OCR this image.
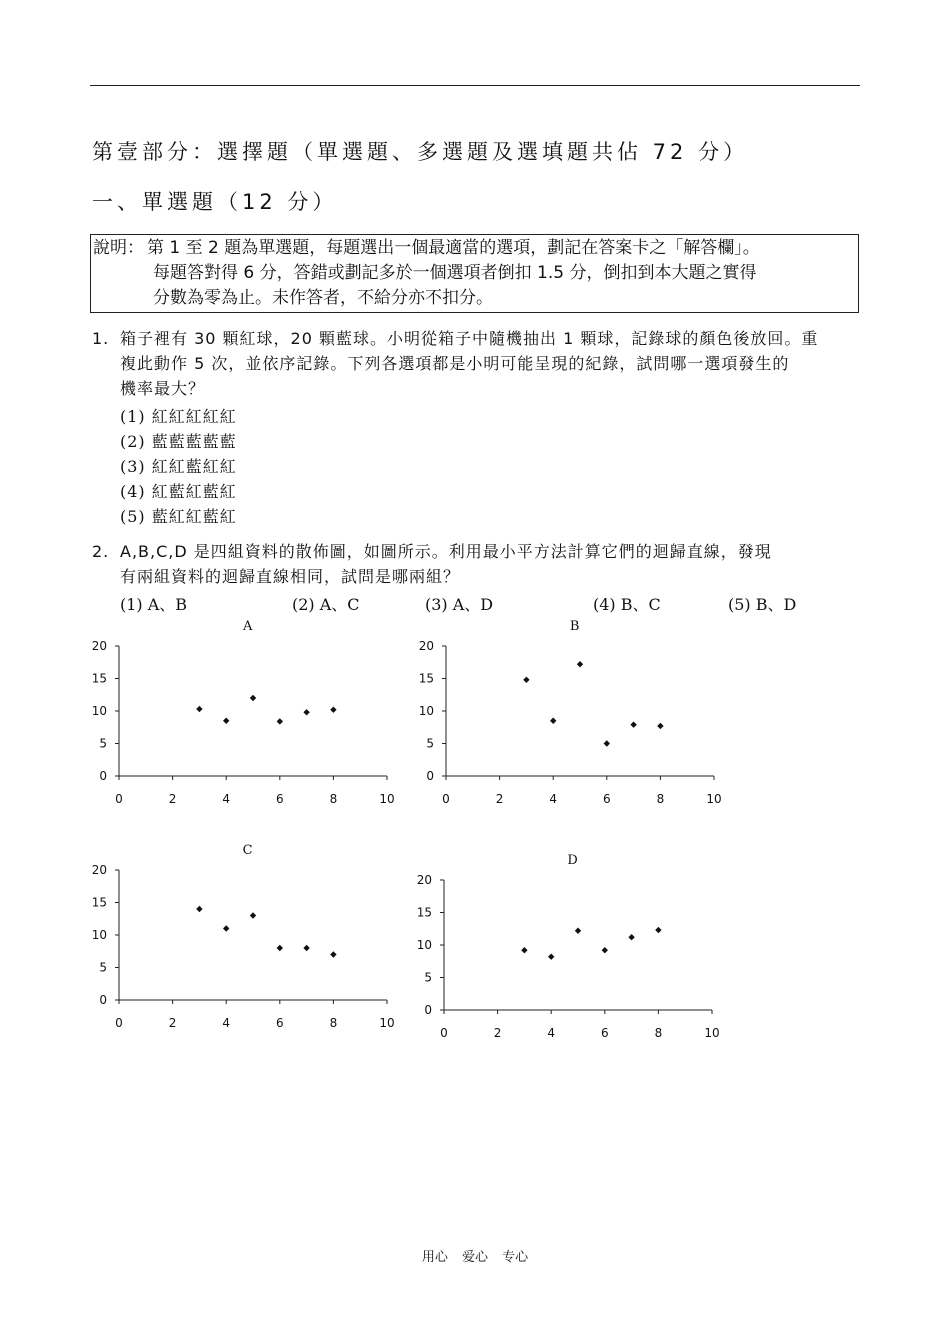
第壹部分：選擇題（單選題、多選題及選填題共佔 72 分）
一、單選題（12 分）
說明： 第 1 至 2 題為單選題，每題選出一個最適當的選項，劃記在答案卡之「解答欄」。
每題答對得 6 分，答錯或劃記多於一個選項者倒扣 1.5 分，倒扣到本大題之實得
分數為零為止。未作答者，不給分亦不扣分。
1. 箱子裡有 30 顆紅球，20 顆藍球。小明從箱子中隨機抽出 1 顆球，記錄球的顏色後放回。重
複此動作 5 次，並依序記錄。下列各選項都是小明可能呈現的紀錄，試問哪一選項發生的
機率最大？
(1) 紅紅紅紅紅
(2) 藍藍藍藍藍
(3) 紅紅藍紅紅
(4) 紅藍紅藍紅
(5) 藍紅紅藍紅
2. A,B,C,D 是四組資料的散佈圖，如圖所示。利用最小平方法計算它們的迴歸直線，發現
有兩組資料的迴歸直線相同，試問是哪兩組？
(1) A、B	(2) A、C	(3) A、D	(4) B、C	(5) B、D
A
0
5
10
15
20
0	2	4	6	8	10
B
0
5
10
15
20
0	2	4	6	8	10
C
0
5
10
15
20
0	2	4	6	8	10
D
0
5
10
15
20
0	2	4	6	8	10
用心 爱心 专心
